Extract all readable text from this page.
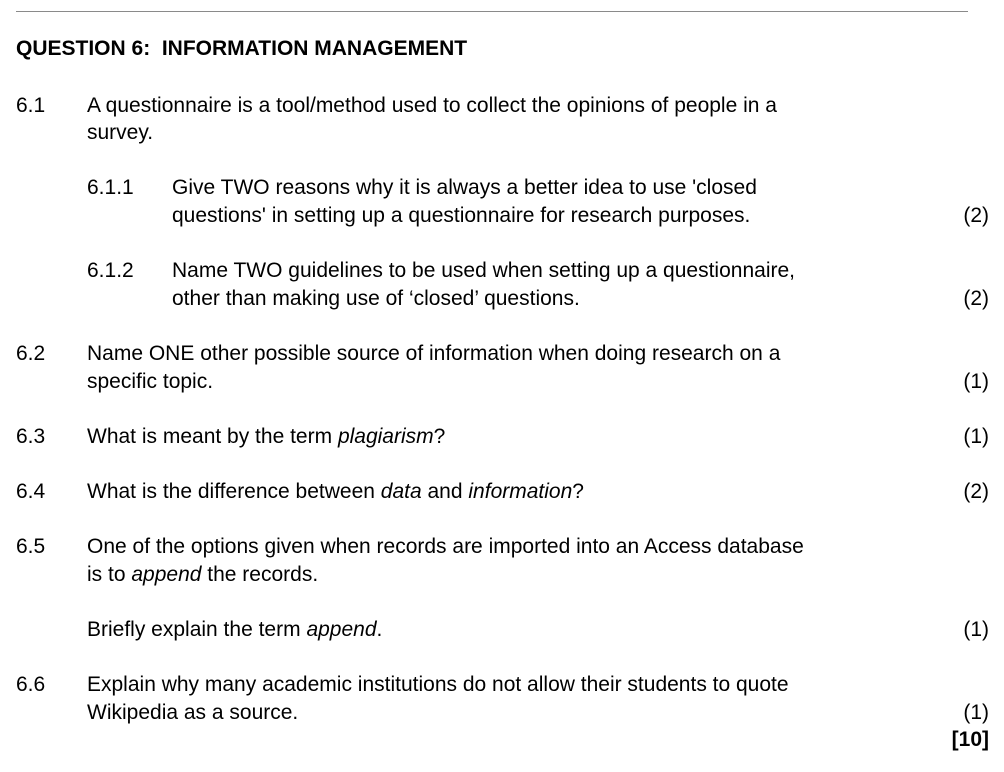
QUESTION 6:  INFORMATION MANAGEMENT
6.1 A questionnaire is a tool/method used to collect the opinions of people in a
survey.
6.1.1 Give TWO reasons why it is always a better idea to use 'closed
questions' in setting up a questionnaire for research purposes.	(2)
6.1.2 Name TWO guidelines to be used when setting up a questionnaire,
other than making use of ‘closed’ questions.	(2)
6.2 Name ONE other possible source of information when doing research on a
specific topic.	(1)
6.3 What is meant by the term plagiarism?	(1)
6.4 What is the difference between data and information?	(2)
6.5 One of the options given when records are imported into an Access database
is to append the records.
Briefly explain the term append.	(1)
6.6 Explain why many academic institutions do not allow their students to quote
Wikipedia as a source.	(1)
[10]
